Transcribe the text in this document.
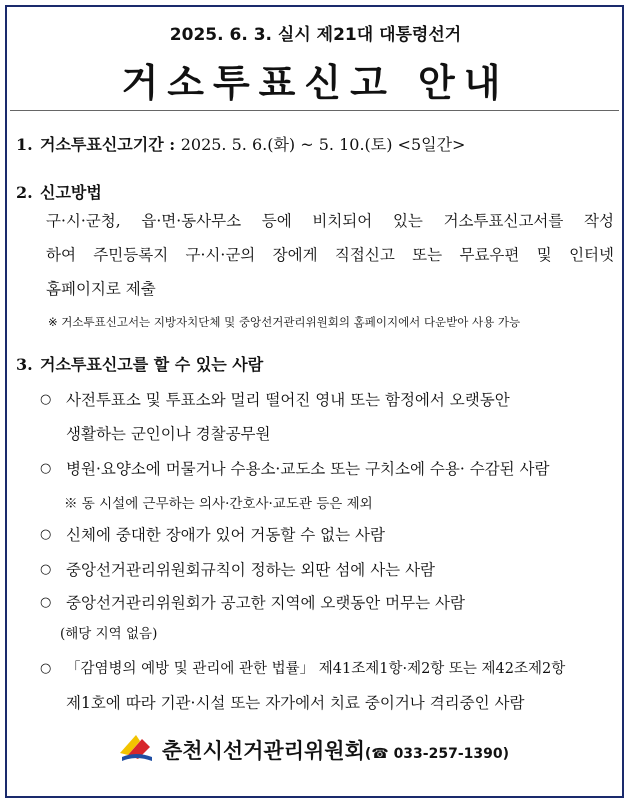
2025. 6. 3. 실시 제21대 대통령선거
거소투표신고 안내
1. 거소투표신고기간 : 2025. 5. 6.(화) ~ 5. 10.(토) <5일간>
2. 신고방법
구·시·군청, 읍·면·동사무소 등에 비치되어 있는 거소투표신고서를 작성
하여 주민등록지 구·시·군의 장에게 직접신고 또는 무료우편 및 인터넷
홈페이지로 제출
※ 거소투표신고서는 지방자치단체 및 중앙선거관리위원회의 홈페이지에서 다운받아 사용 가능
3. 거소투표신고를 할 수 있는 사람
○ 사전투표소 및 투표소와 멀리 떨어진 영내 또는 함정에서 오랫동안
생활하는 군인이나 경찰공무원
○ 병원·요양소에 머물거나 수용소·교도소 또는 구치소에 수용· 수감된 사람
※ 동 시설에 근무하는 의사·간호사·교도관 등은 제외
○ 신체에 중대한 장애가 있어 거동할 수 없는 사람
○ 중앙선거관리위원회규칙이 정하는 외딴 섬에 사는 사람
○ 중앙선거관리위원회가 공고한 지역에 오랫동안 머무는 사람
(해당 지역 없음)
○ 「감염병의 예방 및 관리에 관한 법률」 제41조제1항·제2항 또는 제42조제2항
제1호에 따라 기관·시설 또는 자가에서 치료 중이거나 격리중인 사람
춘천시선거관리위원회(☎ 033-257-1390)
